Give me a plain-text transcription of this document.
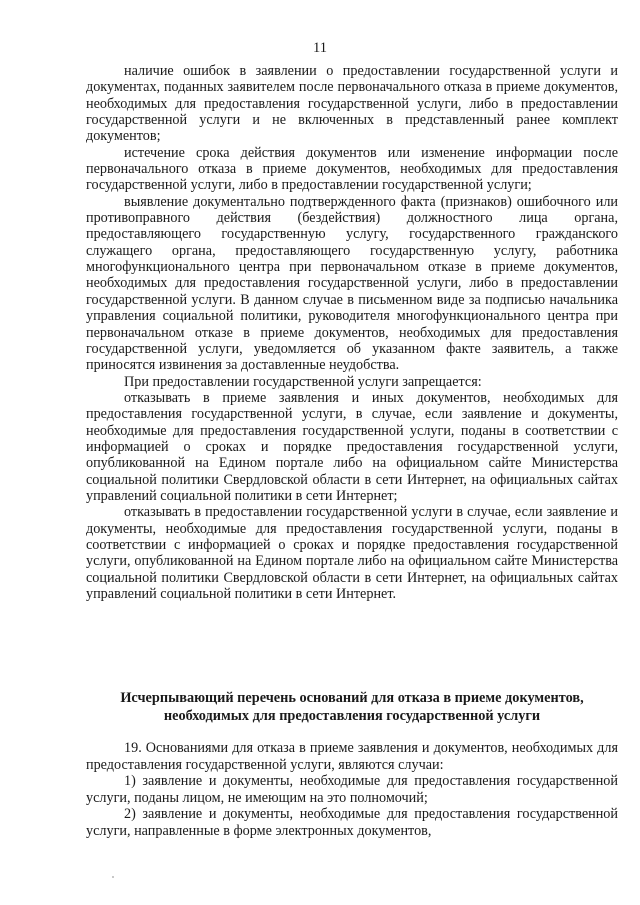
11

наличие ошибок в заявлении о предоставлении государственной услуги и документах, поданных заявителем после первоначального отказа в приеме документов, необходимых для предоставления государственной услуги, либо в предоставлении государственной услуги и не включенных в представленный ранее комплект документов;

истечение срока действия документов или изменение информации после первоначального отказа в приеме документов, необходимых для предоставления государственной услуги, либо в предоставлении государственной услуги;

выявление документально подтвержденного факта (признаков) ошибочного или противоправного действия (бездействия) должностного лица органа, предоставляющего государственную услугу, государственного гражданского служащего органа, предоставляющего государственную услугу, работника многофункционального центра при первоначальном отказе в приеме документов, необходимых для предоставления государственной услуги, либо в предоставлении государственной услуги. В данном случае в письменном виде за подписью начальника управления социальной политики, руководителя многофункционального центра при первоначальном отказе в приеме документов, необходимых для предоставления государственной услуги, уведомляется об указанном факте заявитель, а также приносятся извинения за доставленные неудобства.

При предоставлении государственной услуги запрещается:

отказывать в приеме заявления и иных документов, необходимых для предоставления государственной услуги, в случае, если заявление и документы, необходимые для предоставления государственной услуги, поданы в соответствии с информацией о сроках и порядке предоставления государственной услуги, опубликованной на Едином портале либо на официальном сайте Министерства социальной политики Свердловской области в сети Интернет, на официальных сайтах управлений социальной политики в сети Интернет;

отказывать в предоставлении государственной услуги в случае, если заявление и документы, необходимые для предоставления государственной услуги, поданы в соответствии с информацией о сроках и порядке предоставления государственной услуги, опубликованной на Едином портале либо на официальном сайте Министерства социальной политики Свердловской области в сети Интернет, на официальных сайтах управлений социальной политики в сети Интернет.

Исчерпывающий перечень оснований для отказа в приеме документов,

необходимых для предоставления государственной услуги

19. Основаниями для отказа в приеме заявления и документов, необходимых для предоставления государственной услуги, являются случаи:

1) заявление и документы, необходимые для предоставления государственной услуги, поданы лицом, не имеющим на это полномочий;

2) заявление и документы, необходимые для предоставления государственной услуги, направленные в форме электронных документов,
